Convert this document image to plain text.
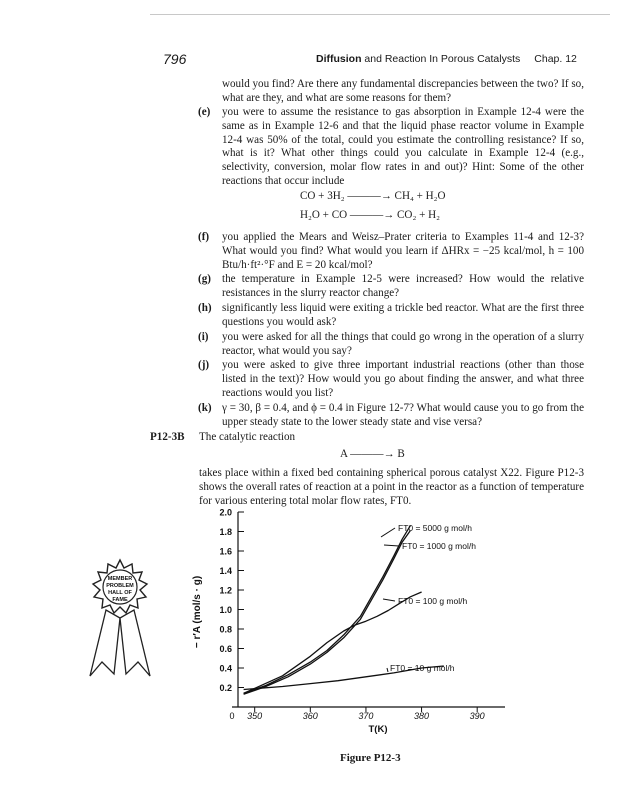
796	Diffusion and Reaction In Porous Catalysts Chap. 12
would you find? Are there any fundamental discrepancies between the two? If so, what are they, and what are some reasons for them?
(e) you were to assume the resistance to gas absorption in Example 12-4 were the same as in Example 12-6 and that the liquid phase reactor volume in Example 12-4 was 50% of the total, could you estimate the controlling resistance? If so, what is it? What other things could you calculate in Example 12-4 (e.g., selectivity, conversion, molar flow rates in and out)? Hint: Some of the other reactions that occur include
CO + 3H₂ ———→ CH₄ + H₂O
H₂O + CO ———→ CO₂ + H₂
(f) you applied the Mears and Weisz–Prater criteria to Examples 11-4 and 12-3? What would you find? What would you learn if ΔHRx = −25 kcal/mol, h = 100 Btu/h·ft²·°F and E = 20 kcal/mol?
(g) the temperature in Example 12-5 were increased? How would the relative resistances in the slurry reactor change?
(h) significantly less liquid were exiting a trickle bed reactor. What are the first three questions you would ask?
(i) you were asked for all the things that could go wrong in the operation of a slurry reactor, what would you say?
(j) you were asked to give three important industrial reactions (other than those listed in the text)? How would you go about finding the answer, and what three reactions would you list?
(k) γ = 30, β = 0.4, and ϕ = 0.4 in Figure 12-7? What would cause you to go from the upper steady state to the lower steady state and vise versa?
P12-3B The catalytic reaction
A ———→ B
takes place within a fixed bed containing spherical porous catalyst X22. Figure P12-3 shows the overall rates of reaction at a point in the reactor as a function of temperature for various entering total molar flow rates, FT0.
MEMBER
PROBLEM
HALL OF
FAME
2.0
1.8
1.6
1.4
1.2
1.0
0.8
0.6
0.4
0.2
350	360	370	380	390
0
FT0 = 5000 g mol/h
FT0 = 1000 g mol/h
FT0 = 100 g mol/h
FT0 = 10 g mol/h
− r′A (mol/s · g)
T(K)
Figure P12-3
